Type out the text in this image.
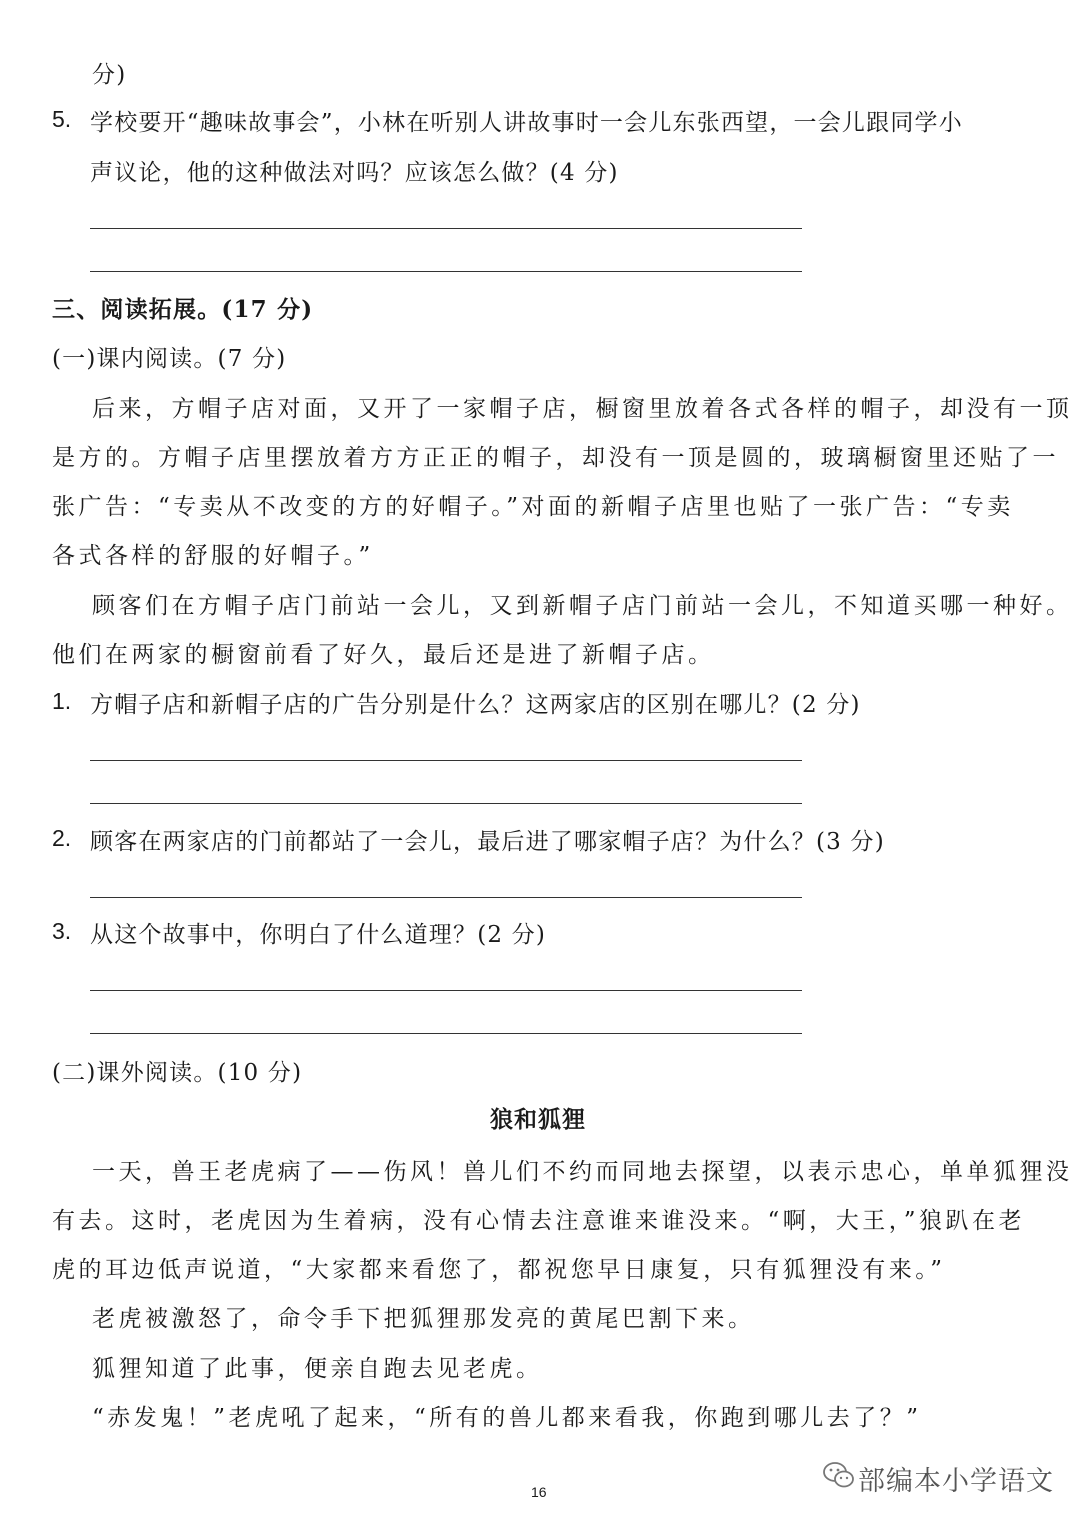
分)
5. 学校要开“趣味故事会”，小林在听别人讲故事时一会儿东张西望，一会儿跟同学小
声议论，他的这种做法对吗？应该怎么做？(4 分)
三、阅读拓展。(17 分)
(一)课内阅读。(7 分)
后来，方帽子店对面，又开了一家帽子店，橱窗里放着各式各样的帽子，却没有一顶
是方的。方帽子店里摆放着方方正正的帽子，却没有一顶是圆的，玻璃橱窗里还贴了一
张广告：“专卖从不改变的方的好帽子。”对面的新帽子店里也贴了一张广告：“专卖
各式各样的舒服的好帽子。”
顾客们在方帽子店门前站一会儿，又到新帽子店门前站一会儿，不知道买哪一种好。
他们在两家的橱窗前看了好久，最后还是进了新帽子店。
1. 方帽子店和新帽子店的广告分别是什么？这两家店的区别在哪儿？(2 分)
2. 顾客在两家店的门前都站了一会儿，最后进了哪家帽子店？为什么？(3 分)
3. 从这个故事中，你明白了什么道理？(2 分)
(二)课外阅读。(10 分)
狼和狐狸
一天，兽王老虎病了——伤风！兽儿们不约而同地去探望，以表示忠心，单单狐狸没
有去。这时，老虎因为生着病，没有心情去注意谁来谁没来。“啊，大王，”狼趴在老
虎的耳边低声说道，“大家都来看您了，都祝您早日康复，只有狐狸没有来。”
老虎被激怒了，命令手下把狐狸那发亮的黄尾巴割下来。
狐狸知道了此事，便亲自跑去见老虎。
“赤发鬼！”老虎吼了起来，“所有的兽儿都来看我，你跑到哪儿去了？”
16	部编本小学语文
